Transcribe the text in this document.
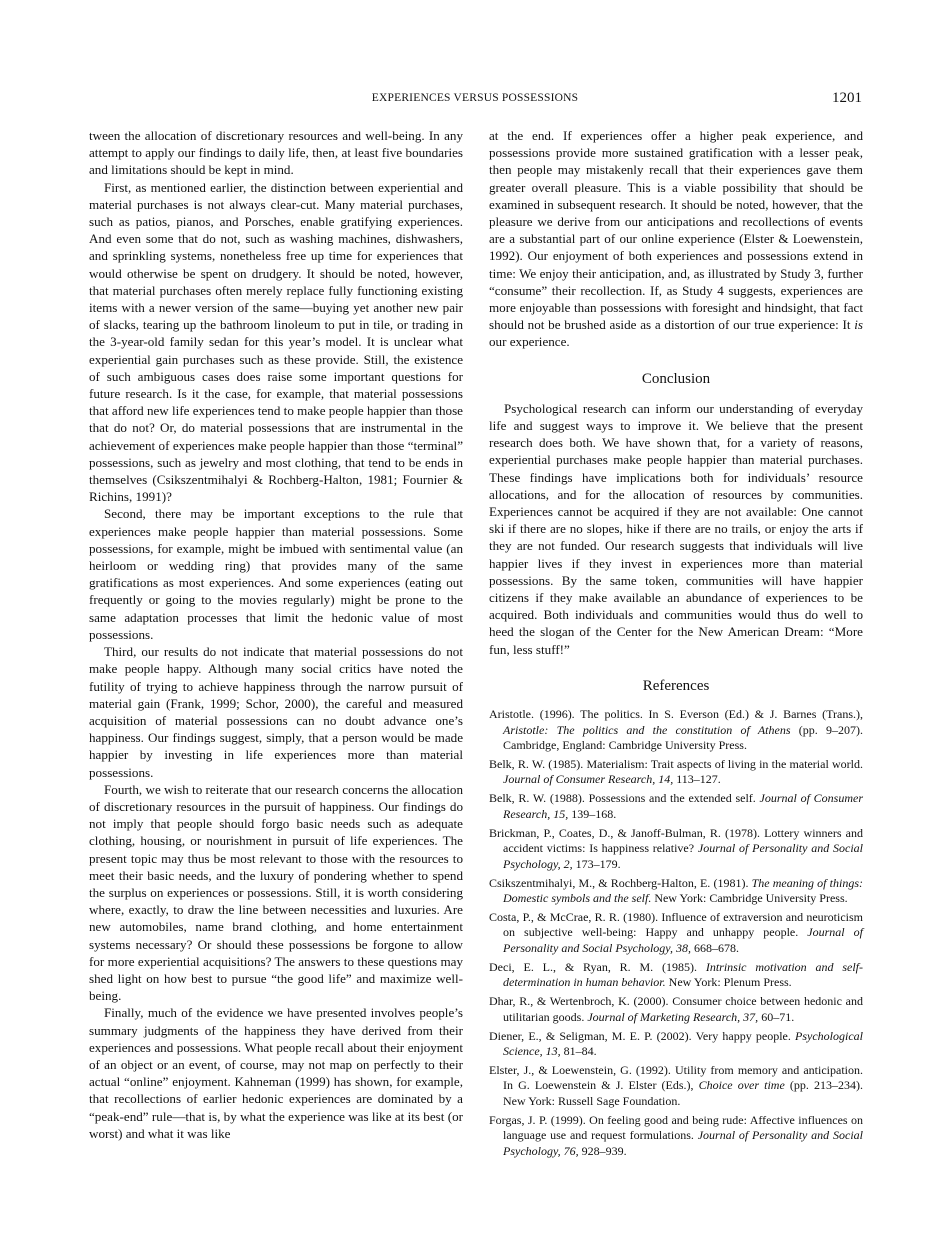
EXPERIENCES VERSUS POSSESSIONS	1201

tween the allocation of discretionary resources and well-being. In any attempt to apply our findings to daily life, then, at least five boundaries and limitations should be kept in mind.

First, as mentioned earlier, the distinction between experiential and material purchases is not always clear-cut. Many material purchases, such as patios, pianos, and Porsches, enable gratifying experiences. And even some that do not, such as washing machines, dishwashers, and sprinkling systems, nonetheless free up time for experiences that would otherwise be spent on drudgery. It should be noted, however, that material purchases often merely replace fully functioning existing items with a newer version of the same—buying yet another new pair of slacks, tearing up the bathroom linoleum to put in tile, or trading in the 3-year-old family sedan for this year’s model. It is unclear what experiential gain purchases such as these provide. Still, the existence of such ambiguous cases does raise some important questions for future research. Is it the case, for example, that material possessions that afford new life experiences tend to make people happier than those that do not? Or, do material possessions that are instrumental in the achievement of experiences make people happier than those “terminal” possessions, such as jewelry and most clothing, that tend to be ends in themselves (Csikszentmihalyi & Rochberg-Halton, 1981; Fournier & Richins, 1991)?

Second, there may be important exceptions to the rule that experiences make people happier than material possessions. Some possessions, for example, might be imbued with sentimental value (an heirloom or wedding ring) that provides many of the same gratifications as most experiences. And some experiences (eating out frequently or going to the movies regularly) might be prone to the same adaptation processes that limit the hedonic value of most possessions.

Third, our results do not indicate that material possessions do not make people happy. Although many social critics have noted the futility of trying to achieve happiness through the narrow pursuit of material gain (Frank, 1999; Schor, 2000), the careful and measured acquisition of material possessions can no doubt advance one’s happiness. Our findings suggest, simply, that a person would be made happier by investing in life experiences more than material possessions.

Fourth, we wish to reiterate that our research concerns the allocation of discretionary resources in the pursuit of happiness. Our findings do not imply that people should forgo basic needs such as adequate clothing, housing, or nourishment in pursuit of life experiences. The present topic may thus be most relevant to those with the resources to meet their basic needs, and the luxury of pondering whether to spend the surplus on experiences or possessions. Still, it is worth considering where, exactly, to draw the line between necessities and luxuries. Are new automobiles, name brand clothing, and home entertainment systems necessary? Or should these possessions be forgone to allow for more experiential acquisitions? The answers to these questions may shed light on how best to pursue “the good life” and maximize well-being.

Finally, much of the evidence we have presented involves people’s summary judgments of the happiness they have derived from their experiences and possessions. What people recall about their enjoyment of an object or an event, of course, may not map on perfectly to their actual “online” enjoyment. Kahneman (1999) has shown, for example, that recollections of earlier hedonic experiences are dominated by a “peak-end” rule—that is, by what the experience was like at its best (or worst) and what it was like

at the end. If experiences offer a higher peak experience, and possessions provide more sustained gratification with a lesser peak, then people may mistakenly recall that their experiences gave them greater overall pleasure. This is a viable possibility that should be examined in subsequent research. It should be noted, however, that the pleasure we derive from our anticipations and recollections of events are a substantial part of our online experience (Elster & Loewenstein, 1992). Our enjoyment of both experiences and possessions extend in time: We enjoy their anticipation, and, as illustrated by Study 3, further “consume” their recollection. If, as Study 4 suggests, experiences are more enjoyable than possessions with foresight and hindsight, that fact should not be brushed aside as a distortion of our true experience: It is our experience.

Conclusion

Psychological research can inform our understanding of everyday life and suggest ways to improve it. We believe that the present research does both. We have shown that, for a variety of reasons, experiential purchases make people happier than material purchases. These findings have implications both for individuals’ resource allocations, and for the allocation of resources by communities. Experiences cannot be acquired if they are not available: One cannot ski if there are no slopes, hike if there are no trails, or enjoy the arts if they are not funded. Our research suggests that individuals will live happier lives if they invest in experiences more than material possessions. By the same token, communities will have happier citizens if they make available an abundance of experiences to be acquired. Both individuals and communities would thus do well to heed the slogan of the Center for the New American Dream: “More fun, less stuff!”

References

Aristotle. (1996). The politics. In S. Everson (Ed.) & J. Barnes (Trans.), Aristotle: The politics and the constitution of Athens (pp. 9–207). Cambridge, England: Cambridge University Press.

Belk, R. W. (1985). Materialism: Trait aspects of living in the material world. Journal of Consumer Research, 14, 113–127.

Belk, R. W. (1988). Possessions and the extended self. Journal of Consumer Research, 15, 139–168.

Brickman, P., Coates, D., & Janoff-Bulman, R. (1978). Lottery winners and accident victims: Is happiness relative? Journal of Personality and Social Psychology, 2, 173–179.

Csikszentmihalyi, M., & Rochberg-Halton, E. (1981). The meaning of things: Domestic symbols and the self. New York: Cambridge University Press.

Costa, P., & McCrae, R. R. (1980). Influence of extraversion and neuroticism on subjective well-being: Happy and unhappy people. Journal of Personality and Social Psychology, 38, 668–678.

Deci, E. L., & Ryan, R. M. (1985). Intrinsic motivation and self-determination in human behavior. New York: Plenum Press.

Dhar, R., & Wertenbroch, K. (2000). Consumer choice between hedonic and utilitarian goods. Journal of Marketing Research, 37, 60–71.

Diener, E., & Seligman, M. E. P. (2002). Very happy people. Psychological Science, 13, 81–84.

Elster, J., & Loewenstein, G. (1992). Utility from memory and anticipation. In G. Loewenstein & J. Elster (Eds.), Choice over time (pp. 213–234). New York: Russell Sage Foundation.

Forgas, J. P. (1999). On feeling good and being rude: Affective influences on language use and request formulations. Journal of Personality and Social Psychology, 76, 928–939.
